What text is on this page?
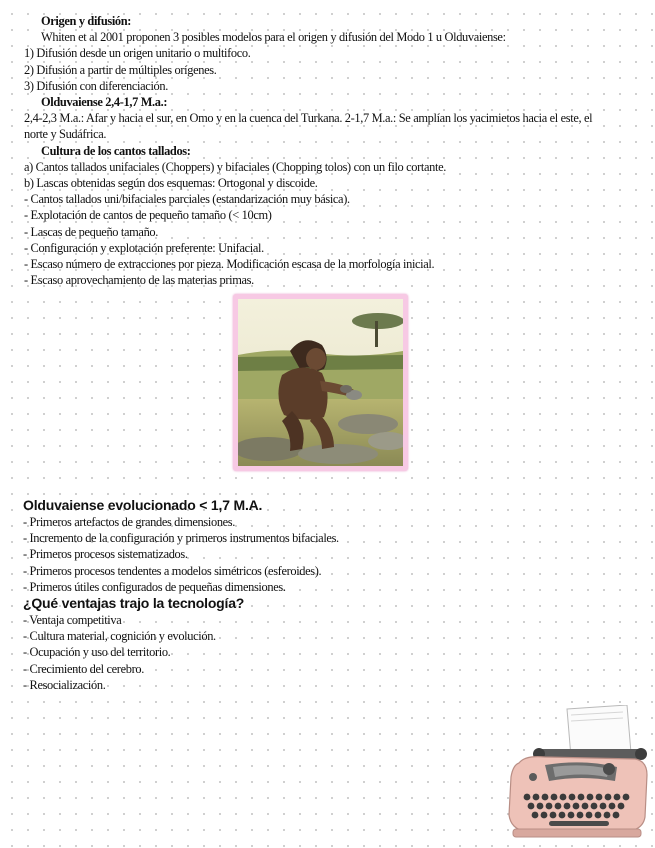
Origen y difusión:
Whiten et al 2001 proponen 3 posibles modelos para el origen y difusión del Modo 1 u Olduvaiense:
1) Difusión desde un origen unitario o multifoco.
2) Difusión a partir de múltiples orígenes.
3) Difusión con diferenciación.
Olduvaiense 2,4-1,7 M.a.:
2,4-2,3 M.a.: Afar y hacia el sur, en Omo y en la cuenca del Turkana. 2-1,7 M.a.: Se amplían los yacimietos hacia el este, el norte y Sudáfrica.
Cultura de los cantos tallados:
a) Cantos tallados unifaciales (Choppers) y bifaciales (Chopping tolos) con un filo cortante.
b) Lascas obtenidas según dos esquemas: Ortogonal y discoide.
- Cantos tallados uni/bifaciales parciales (estandarización muy básica).
- Explotación de cantos de pequeño tamaño (< 10cm)
- Lascas de pequeño tamaño.
- Configuración y explotación preferente: Unifacial.
- Escaso número de extracciones por pieza. Modificación escasa de la morfología inicial.
- Escaso aprovechamiento de las materias primas.
Olduvaiense evolucionado < 1,7 M.A.
- Primeros artefactos de grandes dimensiones.
- Incremento de la configuración y primeros instrumentos bifaciales.
- Primeros procesos sistematizados.
- Primeros procesos tendentes a modelos simétricos (esferoides).
- Primeros útiles configurados de pequeñas dimensiones.
¿Qué ventajas trajo la tecnología?
- Ventaja competitiva
- Cultura material, cognición y evolución.
- Ocupación y uso del territorio.
- Crecimiento del cerebro.
- Resocialización.
